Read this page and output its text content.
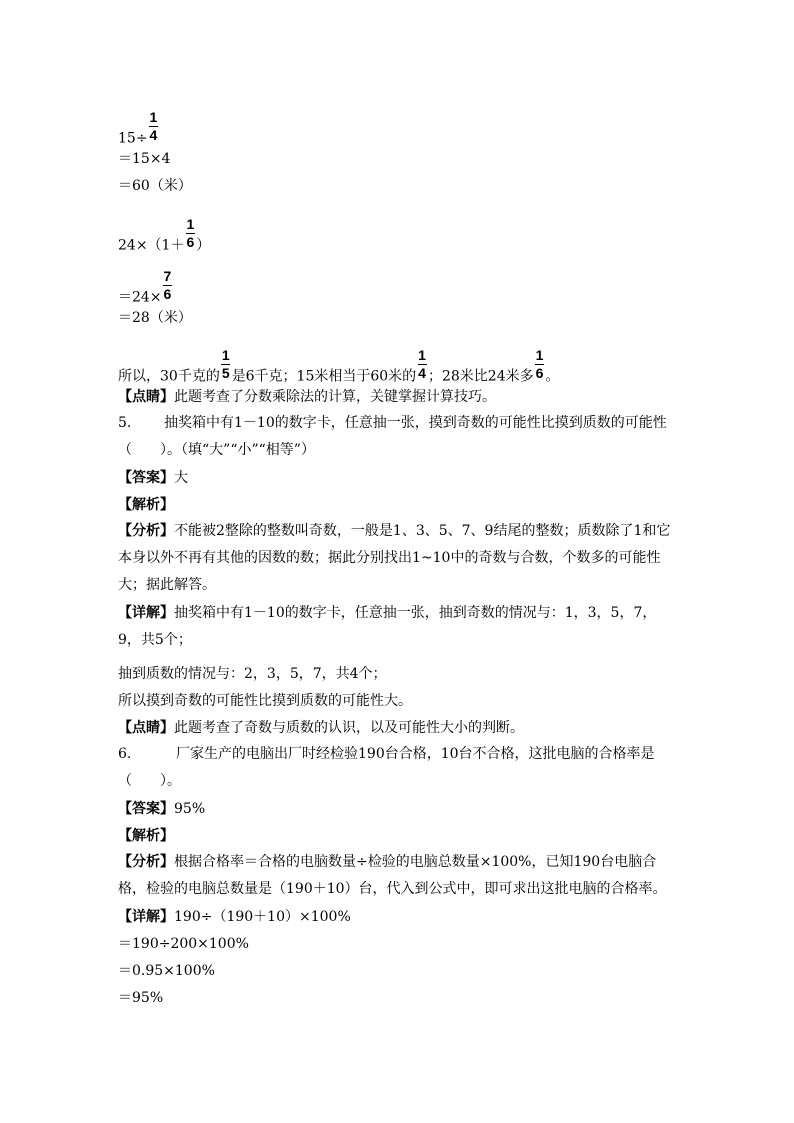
$15\div \frac{1}{4}$
＝15×4
＝60（米）
$24\times(1+ \frac{1}{6}$ ）
$=24\times \frac{7}{6}$
＝28（米）
所以，30千克的 $\frac{1}{5}$ 是6千克；15米相当于60米的 $\frac{1}{4}$ ；28米比24米多 $\frac{1}{6}$ 。
【点睛】此题考查了分数乘除法的计算，关键掌握计算技巧。
5. 抽奖箱中有1－10的数字卡，任意抽一张，摸到奇数的可能性比摸到质数的可能性（　　）。（填“大”“小”“相等”）
【答案】大
【解析】
【分析】不能被2整除的整数叫奇数，一般是1、3、5、7、9结尾的整数；质数除了1和它本身以外不再有其他的因数的数；据此分别找出1~10中的奇数与合数，个数多的可能性大；据此解答。
【详解】抽奖箱中有1－10的数字卡，任意抽一张，抽到奇数的情况与：1，3，5，7，9，共5个；
抽到质数的情况与：2，3，5，7，共4个；
所以摸到奇数的可能性比摸到质数的可能性大。
【点睛】此题考查了奇数与质数的认识，以及可能性大小的判断。
6.	厂家生产的电脑出厂时经检验190台合格，10台不合格，这批电脑的合格率是（　　）。
【答案】95%
【解析】
【分析】根据合格率＝合格的电脑数量÷检验的电脑总数量×100%，已知190台电脑合格，检验的电脑总数量是（190＋10）台，代入到公式中，即可求出这批电脑的合格率。
【详解】190÷（190＋10）×100%
＝190÷200×100%
＝0.95×100%
＝95%
